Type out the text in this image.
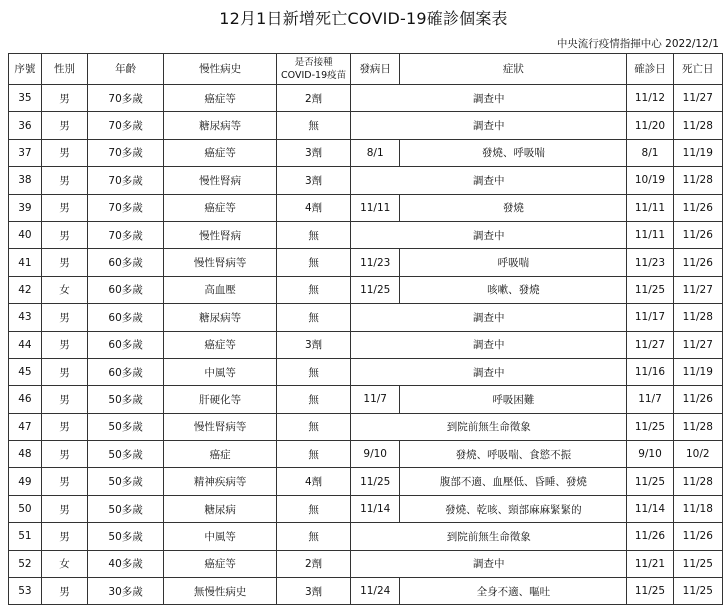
12月1日新增死亡COVID-19確診個案表
中央流行疫情指揮中心 2022/12/1
序號	性別	年齡	慢性病史	是否接種
COVID-19疫苗	發病日	症狀	確診日	死亡日
35	男	70多歲	癌症等	2劑	調查中		11/12	11/27
36	男	70多歲	糖尿病等	無	調查中		11/20	11/28
37	男	70多歲	癌症等	3劑	8/1	發燒、呼吸喘	8/1	11/19
38	男	70多歲	慢性腎病	3劑	調查中		10/19	11/28
39	男	70多歲	癌症等	4劑	11/11	發燒	11/11	11/26
40	男	70多歲	慢性腎病	無	調查中		11/11	11/26
41	男	60多歲	慢性腎病等	無	11/23	呼吸喘	11/23	11/26
42	女	60多歲	高血壓	無	11/25	咳嗽、發燒	11/25	11/27
43	男	60多歲	糖尿病等	無	調查中		11/17	11/28
44	男	60多歲	癌症等	3劑	調查中		11/27	11/27
45	男	60多歲	中風等	無	調查中		11/16	11/19
46	男	50多歲	肝硬化等	無	11/7	呼吸困難	11/7	11/26
47	男	50多歲	慢性腎病等	無	到院前無生命徵象		11/25	11/28
48	男	50多歲	癌症	無	9/10	發燒、呼吸喘、食慾不振	9/10	10/2
49	男	50多歲	精神疾病等	4劑	11/25	腹部不適、血壓低、昏睡、發燒	11/25	11/28
50	男	50多歲	糖尿病	無	11/14	發燒、乾咳、頸部麻麻緊緊的	11/14	11/18
51	男	50多歲	中風等	無	到院前無生命徵象		11/26	11/26
52	女	40多歲	癌症等	2劑	調查中		11/21	11/25
53	男	30多歲	無慢性病史	3劑	11/24	全身不適、嘔吐	11/25	11/25
